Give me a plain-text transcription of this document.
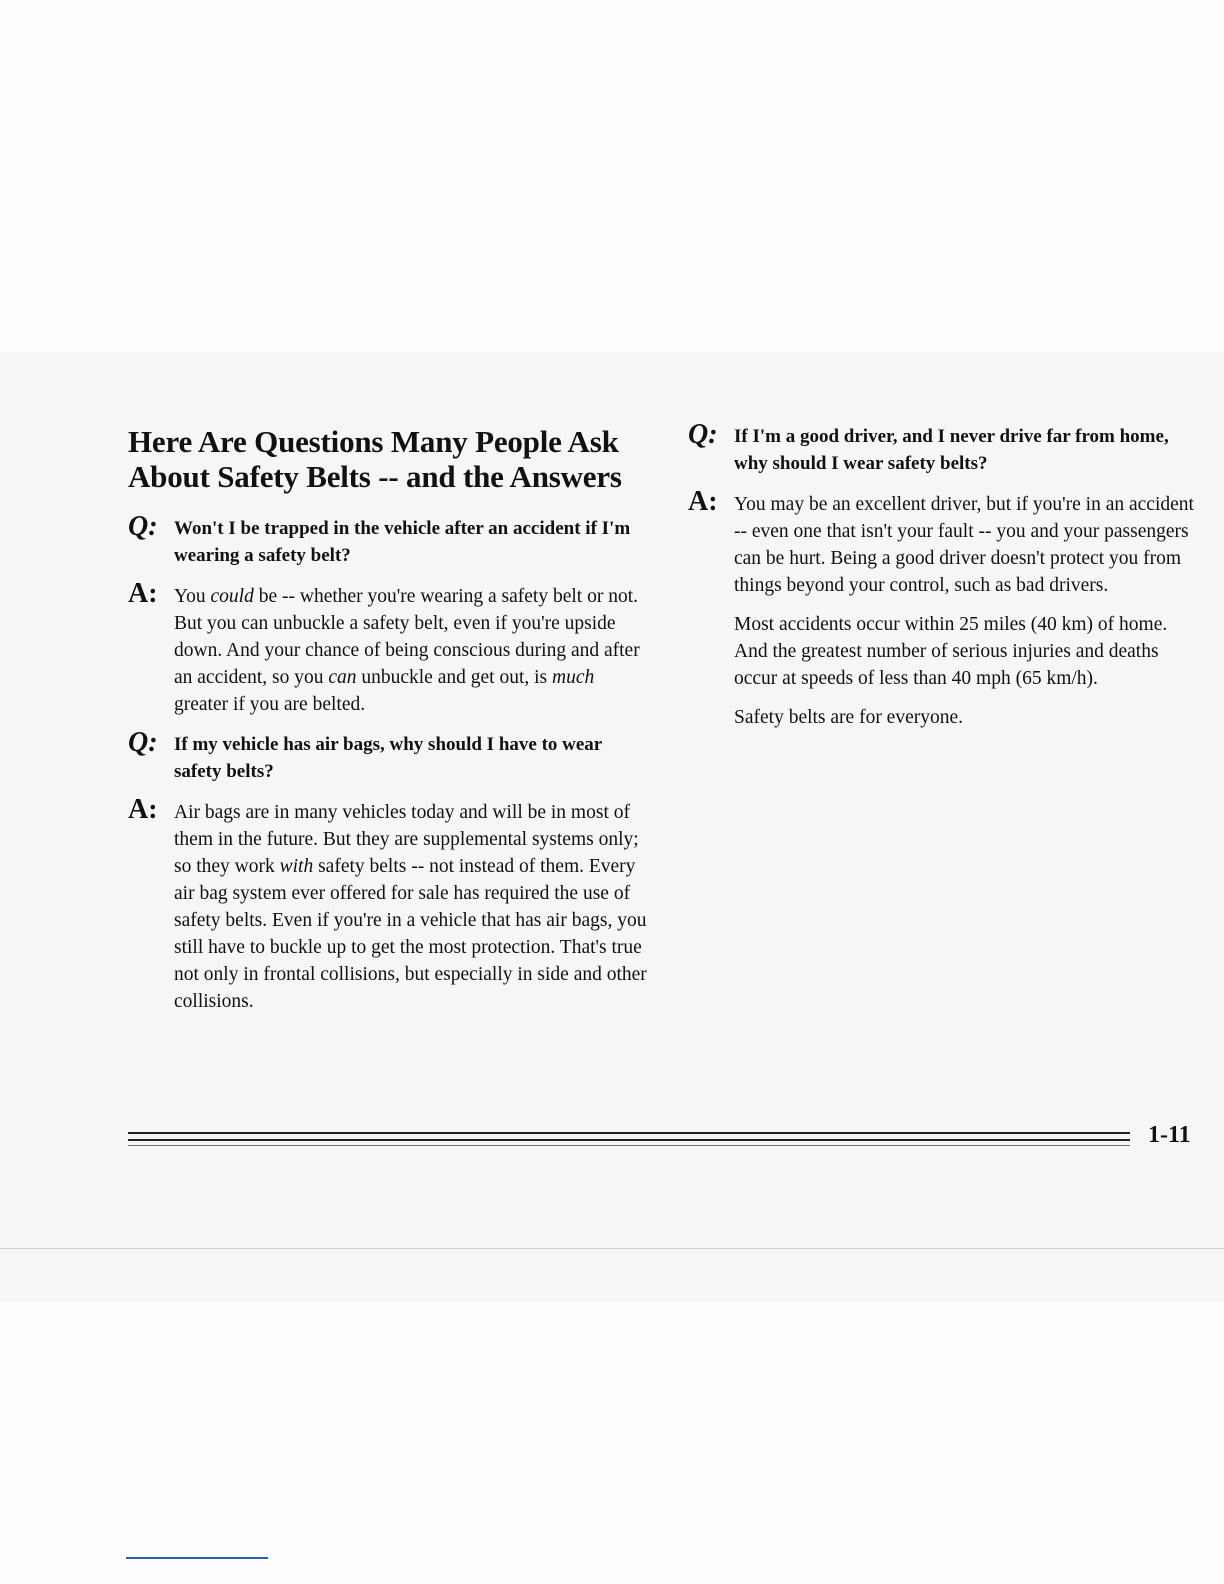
Here Are Questions Many People Ask About Safety Belts -- and the Answers
Q: Won't I be trapped in the vehicle after an accident if I'm wearing a safety belt?
A: You could be -- whether you're wearing a safety belt or not. But you can unbuckle a safety belt, even if you're upside down. And your chance of being conscious during and after an accident, so you can unbuckle and get out, is much greater if you are belted.
Q: If my vehicle has air bags, why should I have to wear safety belts?
A: Air bags are in many vehicles today and will be in most of them in the future. But they are supplemental systems only; so they work with safety belts -- not instead of them. Every air bag system ever offered for sale has required the use of safety belts. Even if you're in a vehicle that has air bags, you still have to buckle up to get the most protection. That's true not only in frontal collisions, but especially in side and other collisions.
Q: If I'm a good driver, and I never drive far from home, why should I wear safety belts?
A: You may be an excellent driver, but if you're in an accident -- even one that isn't your fault -- you and your passengers can be hurt. Being a good driver doesn't protect you from things beyond your control, such as bad drivers.

Most accidents occur within 25 miles (40 km) of home. And the greatest number of serious injuries and deaths occur at speeds of less than 40 mph (65 km/h).

Safety belts are for everyone.

1-11
